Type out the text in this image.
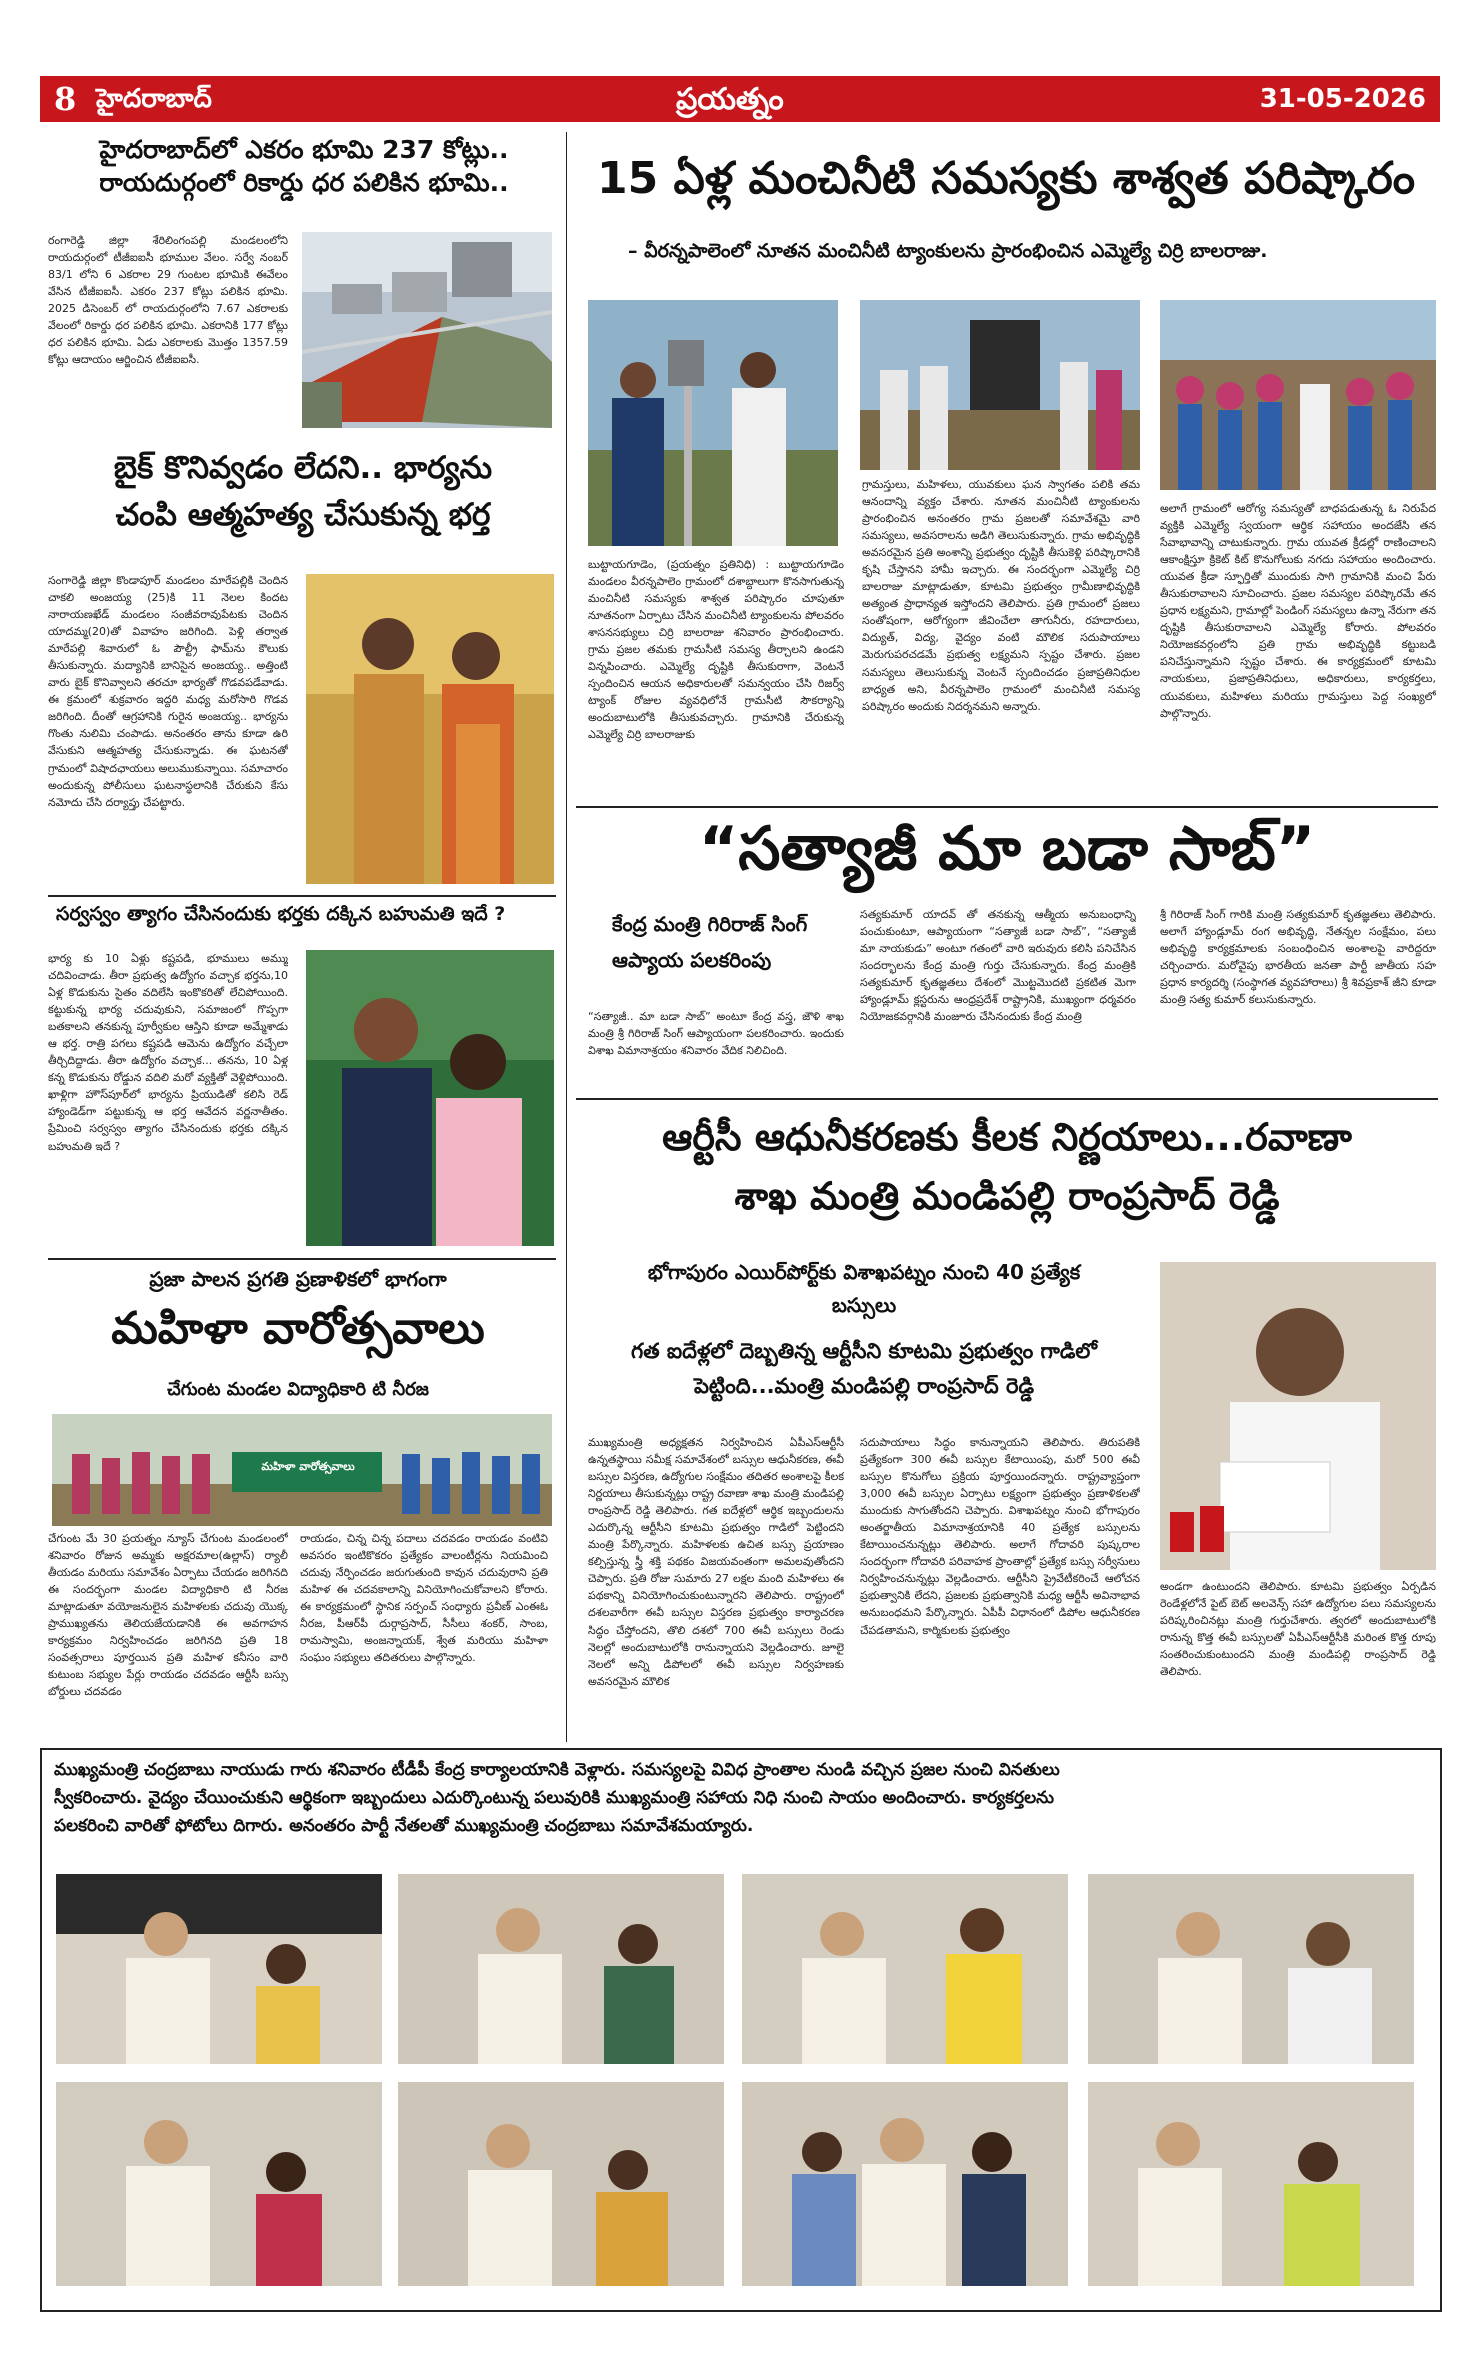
8 హైదరాబాద్	ప్రయత్నం	31-05-2026
హైదరాబాద్‌లో ఎకరం భూమి 237 కోట్లు..
రాయదుర్గంలో రికార్డు ధర పలికిన భూమి..
రంగారెడ్డి జిల్లా శేరిలింగంపల్లి మండలంలోని రాయదుర్గంలో టీజీఐఐసీ భూముల వేలం. సర్వే నంబర్ 83/1 లోని 6 ఎకరాల 29 గుంటల భూమికి ఈవేలం వేసిన టీజీఐఐసీ. ఎకరం 237 కోట్లు పలికిన భూమి. 2025 డిసెంబర్ లో రాయదుర్గంలోని 7.67 ఎకరాలకు వేలంలో రికార్డు ధర పలికిన భూమి. ఎకరానికి 177 కోట్లు ధర పలికిన భూమి. ఏడు ఎకరాలకు మొత్తం 1357.59 కోట్లు ఆదాయం ఆర్జించిన టీజీఐఐసీ.
బైక్ కొనివ్వడం లేదని.. భార్యను
చంపి ఆత్మహత్య చేసుకున్న భర్త
సంగారెడ్డి జిల్లా కొండాపూర్ మండలం మారేపల్లికి చెందిన చాకలి అంజయ్య (25)కి 11 నెలల కిందట నారాయణఖేడ్ మండలం సంజీవరావుపేటకు చెందిన యాదమ్మ(20)తో వివాహం జరిగింది. పెళ్లి తర్వాత మారేపల్లి శివారులో ఓ పౌల్ట్రీ ఫామ్‌ను కౌలుకు తీసుకున్నారు. మద్యానికి బానిసైన అంజయ్య.. అత్తింటి వారు బైక్ కొనివ్వాలని తరచూ భార్యతో గొడవపడేవాడు. ఈ క్రమంలో శుక్రవారం ఇద్దరి మధ్య మరోసారి గొడవ జరిగింది. దీంతో ఆగ్రహానికి గురైన అంజయ్య.. భార్యను గొంతు నులిమి చంపాడు. అనంతరం తాను కూడా ఉరి వేసుకుని ఆత్మహత్య చేసుకున్నాడు. ఈ ఘటనతో గ్రామంలో విషాదఛాయలు అలుముకున్నాయి. సమాచారం అందుకున్న పోలీసులు ఘటనాస్థలానికి చేరుకుని కేసు నమోదు చేసి దర్యాప్తు చేపట్టారు.
సర్వస్వం త్యాగం చేసినందుకు భర్తకు దక్కిన బహుమతి ఇదే ?
భార్య కు 10 ఏళ్లు కష్టపడి, భూములు అమ్ము చదివించాడు. తీరా ప్రభుత్వ ఉద్యోగం వచ్చాక భర్తను,10 ఏళ్ల కొడుకును సైతం వదిలేసి ఇంకొకరితో లేచిపోయింది. కట్టుకున్న భార్య చదువుకుని, సమాజంలో గొప్పగా బతకాలని తనకున్న పూర్వీకుల ఆస్తిని కూడా అమ్మేశాడు ఆ భర్త. రాత్రి పగలు కష్టపడి ఆమెను ఉద్యోగం వచ్చేలా తీర్చిదిద్దాడు. తీరా ఉద్యోగం వచ్చాక... తనను, 10 ఏళ్ల కన్న కొడుకును రోడ్డున వదిలి మరో వ్యక్తితో వెళ్లిపోయింది. ఖాళ్లిగా హౌస్‌పూర్‌లో భార్యను ప్రియుడితో కలిసి రెడ్ హ్యాండెడ్‌గా పట్టుకున్న ఆ భర్త ఆవేదన వర్ణనాతీతం. ప్రేమించి సర్వస్వం త్యాగం చేసినందుకు భర్తకు దక్కిన బహుమతి ఇదే ?
ప్రజా పాలన ప్రగతి ప్రణాళికలో భాగంగా
మహిళా వారోత్సవాలు
చేగుంట మండల విద్యాధికారి టి నీరజ
మహిళా వారోత్సవాలు
చేగుంట మే 30 ప్రయత్నం న్యూస్ చేగుంట మండలంలో శనివారం రోజున అమ్మకు అక్షరమాల(ఉల్లాస్) ర్యాలీ తీయడం మరియు సమావేశం ఏర్పాటు చేయడం జరిగినది ఈ సందర్భంగా మండల విద్యాధికారి టి నీరజ మాట్లాడుతూ వయోజనులైన మహిళలకు చదువు యొక్క ప్రాముఖ్యతను తెలియజేయడానికి ఈ అవగాహన కార్యక్రమం నిర్వహించడం జరిగినది ప్రతి 18 సంవత్సరాలు పూర్తయిన ప్రతి మహిళ కనీసం వారి కుటుంబ సభ్యుల పేర్లు రాయడం చదవడం ఆర్టీసీ బస్సు బోర్డులు చదవడం
రాయడం, చిన్న చిన్న పదాలు చదవడం రాయడం వంటివి అవసరం ఇంటికొకరం ప్రత్యేకం వాలంటీర్లను నియమించి చదువు నేర్పించడం జరుగుతుంది కావున చదువురాని ప్రతి మహిళ ఈ చదవకాలాన్ని వినియోగించుకోవాలని కోరారు. ఈ కార్యక్రమంలో స్థానిక సర్పంచ్ సంధ్యారు ప్రవీణ్ ఎంఈఓ నీరజ, పీఆర్‌పీ దుర్గాప్రసాద్, సీసీలు శంకర్, సాంబ, రామస్వామి, అంజన్నాయక్, శ్వేత మరియు మహిళా సంఘం సభ్యులు తదితరులు పాల్గొన్నారు.
15 ఏళ్ల మంచినీటి సమస్యకు శాశ్వత పరిష్కారం
– వీరన్నపాలెంలో నూతన మంచినీటి ట్యాంకులను ప్రారంభించిన ఎమ్మెల్యే చిర్రి బాలరాజు.
బుట్టాయగూడెం, (ప్రయత్నం ప్రతినిధి) : బుట్టాయగూడెం మండలం వీరన్నపాలెం గ్రామంలో దశాబ్దాలుగా కొనసాగుతున్న మంచినీటి సమస్యకు శాశ్వత పరిష్కారం చూపుతూ నూతనంగా ఏర్పాటు చేసిన మంచినీటి ట్యాంకులను పోలవరం శాసనసభ్యులు చిర్రి బాలరాజు శనివారం ప్రారంభించారు. గ్రామ ప్రజల తమకు గ్రామసీటి సమస్య తీర్చాలని ఉండని విన్నపించారు. ఎమ్మెల్యే దృష్టికి తీసుకురాగా, వెంటనే స్పందించిన ఆయన అధికారులతో సమన్వయం చేసి రిజర్వ్ ట్యాంక్ రోజుల వ్యవధిలోనే గ్రామసీటి సౌకర్యాన్ని అందుబాటులోకి తీసుకువచ్చారు. గ్రామానికి చేరుకున్న ఎమ్మెల్యే చిర్రి బాలరాజుకు
గ్రామస్తులు, మహిళలు, యువకులు ఘన స్వాగతం పలికి తమ ఆనందాన్ని వ్యక్తం చేశారు. నూతన మంచినీటి ట్యాంకులను ప్రారంభించిన అనంతరం గ్రామ ప్రజలతో సమావేశమై వారి సమస్యలు, అవసరాలను అడిగి తెలుసుకున్నారు. గ్రామ అభివృద్ధికి అవసరమైన ప్రతి అంశాన్ని ప్రభుత్వం దృష్టికి తీసుకెళ్లి పరిష్కారానికి కృషి చేస్తానని హామీ ఇచ్చారు. ఈ సందర్భంగా ఎమ్మెల్యే చిర్రి బాలరాజు మాట్లాడుతూ, కూటమి ప్రభుత్వం గ్రామీణాభివృద్ధికి అత్యంత ప్రాధాన్యత ఇస్తోందని తెలిపారు. ప్రతి గ్రామంలో ప్రజలు సంతోషంగా, ఆరోగ్యంగా జీవించేలా తాగునీరు, రహదారులు, విద్యుత్, విద్య, వైద్యం వంటి మౌలిక సదుపాయాలు మెరుగుపరచడమే ప్రభుత్వ లక్ష్యమని స్పష్టం చేశారు. ప్రజల సమస్యలు తెలుసుకున్న వెంటనే స్పందించడం ప్రజాప్రతినిధుల బాధ్యత అని, వీరన్నపాలెం గ్రామంలో మంచినీటి సమస్య పరిష్కారం అందుకు నిదర్శనమని అన్నారు.
అలాగే గ్రామంలో ఆరోగ్య సమస్యతో బాధపడుతున్న ఓ నిరుపేద వ్యక్తికి ఎమ్మెల్యే స్వయంగా ఆర్థిక సహాయం అందజేసి తన సేవాభావాన్ని చాటుకున్నారు. గ్రామ యువత క్రీడల్లో రాణించాలని ఆకాంక్షిస్తూ క్రికెట్ కిట్ కొనుగోలుకు నగదు సహాయం అందించారు. యువత క్రీడా స్ఫూర్తితో ముందుకు సాగి గ్రామానికి మంచి పేరు తీసుకురావాలని సూచించారు. ప్రజల సమస్యల పరిష్కారమే తన ప్రధాన లక్ష్యమని, గ్రామాల్లో పెండింగ్ సమస్యలు ఉన్నా నేరుగా తన దృష్టికి తీసుకురావాలని ఎమ్మెల్యే కోరారు. పోలవరం నియోజకవర్గంలోని ప్రతి గ్రామ అభివృద్ధికి కట్టుబడి పనిచేస్తున్నామని స్పష్టం చేశారు. ఈ కార్యక్రమంలో కూటమి నాయకులు, ప్రజాప్రతినిధులు, అధికారులు, కార్యకర్తలు, యువకులు, మహిళలు మరియు గ్రామస్తులు పెద్ద సంఖ్యలో పాల్గొన్నారు.
“సత్యాజీ మా బడా సాబ్”
కేంద్ర మంత్రి గిరిరాజ్ సింగ్ ఆప్యాయ పలకరింపు
“సత్యాజీ.. మా బడా సాబ్” అంటూ కేంద్ర వస్త్ర, జౌళి శాఖ మంత్రి శ్రీ గిరిరాజ్ సింగ్ ఆప్యాయంగా పలకరించారు. ఇందుకు విశాఖ విమానాశ్రయం శనివారం వేదిక నిలిచింది.
సత్యకుమార్ యాదవ్ తో తనకున్న ఆత్మీయ అనుబంధాన్ని పంచుకుంటూ, ఆప్యాయంగా “సత్యాజీ బడా సాబ్”, “సత్యాజీ మా నాయకుడు” అంటూ గతంలో వారి ఇరువురు కలిసి పనిచేసిన సందర్భాలను కేంద్ర మంత్రి గుర్తు చేసుకున్నారు. కేంద్ర మంత్రికి సత్యకుమార్ కృతజ్ఞతలు దేశంలో మొట్టమొదటి ప్రకటిత మెగా హ్యాండ్లూమ్ క్లస్టరును ఆంధ్రప్రదేశ్ రాష్ట్రానికి, ముఖ్యంగా ధర్మవరం నియోజకవర్గానికి మంజూరు చేసినందుకు కేంద్ర మంత్రి
శ్రీ గిరిరాజ్ సింగ్ గారికి మంత్రి సత్యకుమార్ కృతజ్ఞతలు తెలిపారు. అలాగే హ్యాండ్లూమ్ రంగ అభివృద్ధి, నేతన్నల సంక్షేమం, పలు అభివృద్ధి కార్యక్రమాలకు సంబంధించిన అంశాలపై వారిద్దరూ చర్చించారు. మరోవైపు భారతీయ జనతా పార్టీ జాతీయ సహ ప్రధాన కార్యదర్శి (సంస్థాగత వ్యవహారాలు) శ్రీ శివప్రకాశ్ జీని కూడా మంత్రి సత్య కుమార్ కలుసుకున్నారు.
ఆర్టీసీ ఆధునీకరణకు కీలక నిర్ణయాలు...రవాణా
శాఖ మంత్రి మండిపల్లి రాంప్రసాద్ రెడ్డి
భోగాపురం ఎయిర్‌పోర్ట్‌కు విశాఖపట్నం నుంచి 40 ప్రత్యేక
బస్సులు
గత ఐదేళ్లలో దెబ్బతిన్న ఆర్టీసీని కూటమి ప్రభుత్వం గాడిలో
పెట్టింది...మంత్రి మండిపల్లి రాంప్రసాద్ రెడ్డి
ముఖ్యమంత్రి అధ్యక్షతన నిర్వహించిన ఏపీఎస్ఆర్టీసీ ఉన్నతస్థాయి సమీక్ష సమావేశంలో బస్సుల ఆధునీకరణ, ఈవీ బస్సుల విస్తరణ, ఉద్యోగుల సంక్షేమం తదితర అంశాలపై కీలక నిర్ణయాలు తీసుకున్నట్లు రాష్ట్ర రవాణా శాఖ మంత్రి మండిపల్లి రాంప్రసాద్ రెడ్డి తెలిపారు. గత ఐదేళ్లలో ఆర్థిక ఇబ్బందులను ఎదుర్కొన్న ఆర్టీసీని కూటమి ప్రభుత్వం గాడిలో పెట్టిందని మంత్రి పేర్కొన్నారు. మహిళలకు ఉచిత బస్సు ప్రయాణం కల్పిస్తున్న స్త్రీ శక్తి పథకం విజయవంతంగా అమలవుతోందని చెప్పారు. ప్రతి రోజు సుమారు 27 లక్షల మంది మహిళలు ఈ పథకాన్ని వినియోగించుకుంటున్నారని తెలిపారు. రాష్ట్రంలో దశలవారీగా ఈవీ బస్సుల విస్తరణ ప్రభుత్వం కార్యాచరణ సిద్ధం చేస్తోందని, తొలి దశలో 700 ఈవీ బస్సులు రెండు నెలల్లో అందుబాటులోకి రానున్నాయని వెల్లడించారు. జూలై నెలలో అన్ని డిపోలలో ఈవీ బస్సుల నిర్వహణకు అవసరమైన మౌలిక
సదుపాయాలు సిద్ధం కానున్నాయని తెలిపారు. తిరుపతికి ప్రత్యేకంగా 300 ఈవీ బస్సుల కేటాయింపు, మరో 500 ఈవీ బస్సుల కొనుగోలు ప్రక్రియ పూర్తయిందన్నారు. రాష్ట్రవ్యాప్తంగా 3,000 ఈవీ బస్సుల ఏర్పాటు లక్ష్యంగా ప్రభుత్వం ప్రణాళికలతో ముందుకు సాగుతోందని చెప్పారు. విశాఖపట్నం నుంచి భోగాపురం అంతర్జాతీయ విమానాశ్రయానికి 40 ప్రత్యేక బస్సులను కేటాయించనున్నట్లు తెలిపారు. అలాగే గోదావరి పుష్కరాల సందర్భంగా గోదావరి పరివాహక ప్రాంతాల్లో ప్రత్యేక బస్సు సర్వీసులు నిర్వహించనున్నట్లు వెల్లడించారు. ఆర్టీసీని ప్రైవేటీకరించే ఆలోచన ప్రభుత్వానికి లేదని, ప్రజలకు ప్రభుత్వానికి మధ్య ఆర్టీసీ అవినాభావ అనుబంధమని పేర్కొన్నారు. ఏపీపీ విధానంలో డిపోల ఆధునీకరణ చేపడతామని, కార్మికులకు ప్రభుత్వం
అండగా ఉంటుందని తెలిపారు. కూటమి ప్రభుత్వం ఏర్పడిన రెండేళ్లలోనే పైట్ బెట్ అలవెన్స్ సహా ఉద్యోగుల పలు సమస్యలను పరిష్కరించినట్లు మంత్రి గుర్తుచేశారు. త్వరలో అందుబాటులోకి రానున్న కొత్త ఈవీ బస్సులతో ఏపీఎస్ఆర్టీసీకి మరింత కొత్త రూపు సంతరించుకుంటుందని మంత్రి మండిపల్లి రాంప్రసాద్ రెడ్డి తెలిపారు.
ముఖ్యమంత్రి చంద్రబాబు నాయుడు గారు శనివారం టీడీపీ కేంద్ర కార్యాలయానికి వెళ్లారు. సమస్యలపై వివిధ ప్రాంతాల నుండి వచ్చిన ప్రజల నుంచి వినతులు
స్వీకరించారు. వైద్యం చేయించుకుని ఆర్థికంగా ఇబ్బందులు ఎదుర్కొంటున్న పలువురికి ముఖ్యమంత్రి సహాయ నిధి నుంచి సాయం అందించారు. కార్యకర్తలను
పలకరించి వారితో ఫోటోలు దిగారు. అనంతరం పార్టీ నేతలతో ముఖ్యమంత్రి చంద్రబాబు సమావేశమయ్యారు.
